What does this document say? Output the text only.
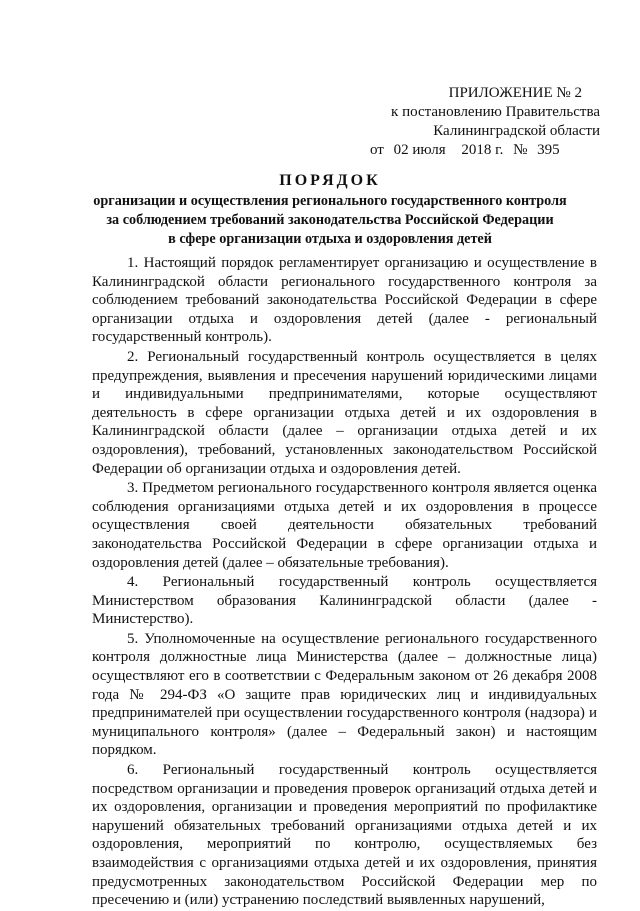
ПРИЛОЖЕНИЕ № 2
к постановлению Правительства
Калининградской области
от 02 июля 2018 г. № 395
ПОРЯДОК
организации и осуществления регионального государственного контроля
за соблюдением требований законодательства Российской Федерации
в сфере организации отдыха и оздоровления детей

1. Настоящий порядок регламентирует организацию и осуществление в Калининградской области регионального государственного контроля за соблюдением требований законодательства Российской Федерации в сфере организации отдыха и оздоровления детей (далее - региональный государственный контроль).

2. Региональный государственный контроль осуществляется в целях предупреждения, выявления и пресечения нарушений юридическими лицами и индивидуальными предпринимателями, которые осуществляют деятельность в сфере организации отдыха детей и их оздоровления в Калининградской области (далее – организации отдыха детей и их оздоровления), требований, установленных законодательством Российской Федерации об организации отдыха и оздоровления детей.

3. Предметом регионального государственного контроля является оценка соблюдения организациями отдыха детей и их оздоровления в процессе осуществления своей деятельности обязательных требований законодательства Российской Федерации в сфере организации отдыха и оздоровления детей (далее – обязательные требования).

4. Региональный государственный контроль осуществляется Министерством образования Калининградской области (далее - Министерство).

5. Уполномоченные на осуществление регионального государственного контроля должностные лица Министерства (далее – должностные лица) осуществляют его в соответствии с Федеральным законом от 26 декабря 2008 года № 294-ФЗ «О защите прав юридических лиц и индивидуальных предпринимателей при осуществлении государственного контроля (надзора) и муниципального контроля» (далее – Федеральный закон) и настоящим порядком.

6. Региональный государственный контроль осуществляется посредством организации и проведения проверок организаций отдыха детей и их оздоровления, организации и проведения мероприятий по профилактике нарушений обязательных требований организациями отдыха детей и их оздоровления, мероприятий по контролю, осуществляемых без взаимодействия с организациями отдыха детей и их оздоровления, принятия предусмотренных законодательством Российской Федерации мер по пресечению и (или) устранению последствий выявленных нарушений,
